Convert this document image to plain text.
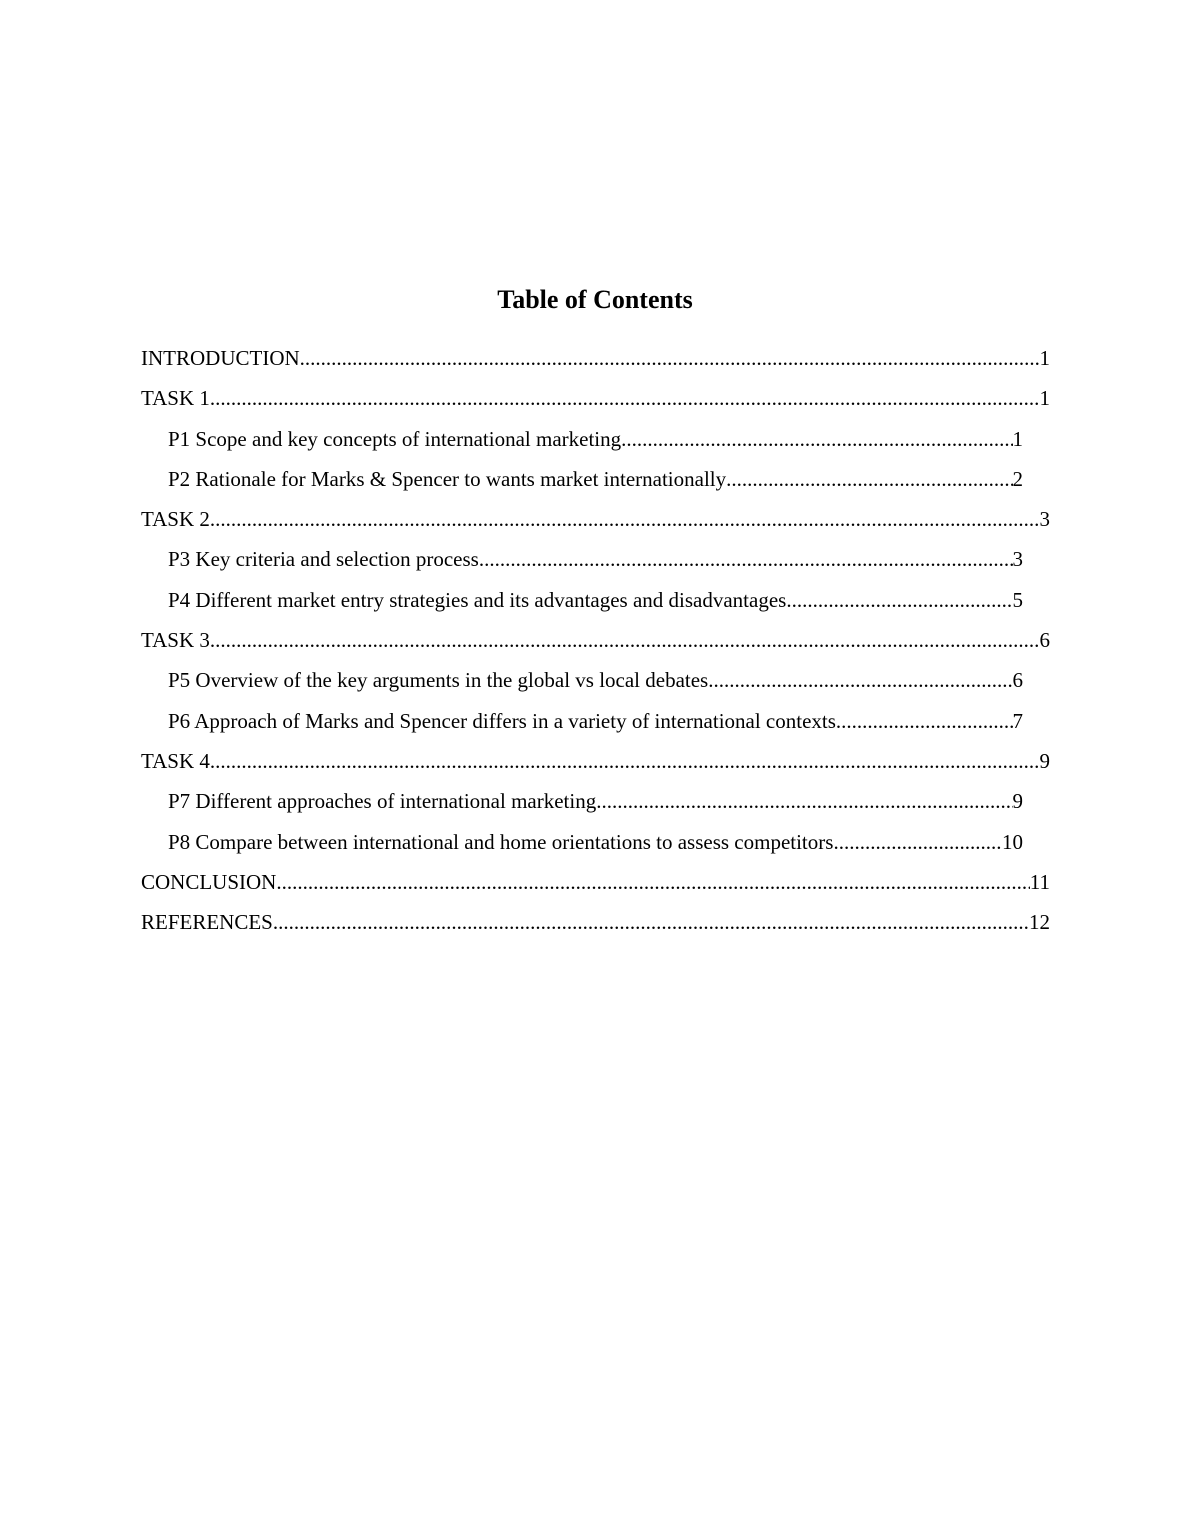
Table of Contents
INTRODUCTION .....	1
TASK 1 .....	1
P1 Scope and key concepts of international marketing .....	1
P2 Rationale for Marks & Spencer to wants market internationally .....	2
TASK 2 .....	3
P3 Key criteria and selection process .....	3
P4 Different market entry strategies and its advantages and disadvantages .....	5
TASK 3 .....	6
P5 Overview of the key arguments in the global vs local debates .....	6
P6 Approach of Marks and Spencer differs in a variety of international contexts .....	7
TASK 4 .....	9
P7 Different approaches of international marketing .....	9
P8 Compare between international and home orientations to assess competitors .....	10
CONCLUSION .....	11
REFERENCES .....	12
